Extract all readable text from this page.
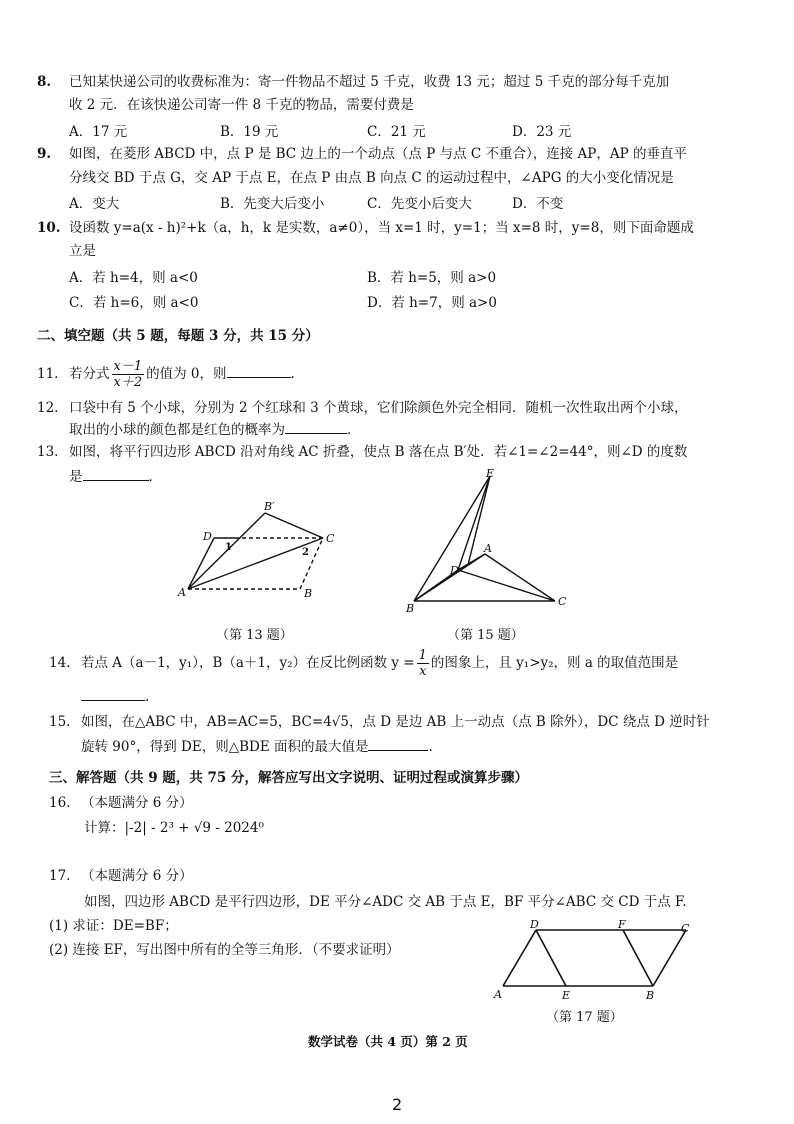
8. 已知某快递公司的收费标准为：寄一件物品不超过 5 千克，收费 13 元；超过 5 千克的部分每千克加
收 2 元．在该快递公司寄一件 8 千克的物品，需要付费是
A．17 元	B．19 元	C．21 元	D．23 元
9. 如图，在菱形 ABCD 中，点 P 是 BC 边上的一个动点（点 P 与点 C 不重合），连接 AP，AP 的垂直平
分线交 BD 于点 G，交 AP 于点 E，在点 P 由点 B 向点 C 的运动过程中，∠APG 的大小变化情况是
A．变大	B．先变大后变小	C．先变小后变大	D．不变
10. 设函数 y=a(x - h)²+k（a，h，k 是实数，a≠0），当 x=1 时，y=1；当 x=8 时，y=8，则下面命题成
立是
A．若 h=4，则 a<0	B．若 h=5，则 a>0
C．若 h=6，则 a<0	D．若 h=7，则 a>0
二、填空题（共 5 题，每题 3 分，共 15 分）
11. 若分式 $\frac{x-1}{x+2}$ 的值为 0，则	.
12. 口袋中有 5 个小球，分别为 2 个红球和 3 个黄球，它们除颜色外完全相同．随机一次性取出两个小球，
取出的小球的颜色都是红色的概率为	．
13. 如图，将平行四边形 ABCD 沿对角线 AC 折叠，使点 B 落在点 B′处．若∠1=∠2=44°，则∠D 的度数
是	．
D
B′
C
A	B
1	2
（第 13 题）
E
A
D
B
C
（第 15 题）
14. 若点 A（a－1，y₁），B（a＋1，y₂）在反比例函数 $y = \frac{1}{x}$ 的图象上，且 y₁>y₂，则 a 的取值范围是
.
15. 如图，在△ABC 中，AB=AC=5，BC=4√5，点 D 是边 AB 上一动点（点 B 除外），DC 绕点 D 逆时针
旋转 90°，得到 DE，则△BDE 面积的最大值是	.
三、解答题（共 9 题，共 75 分，解答应写出文字说明、证明过程或演算步骤）
16. （本题满分 6 分）
计算：|-2| - 2³ + √9 - 2024⁰
17. （本题满分 6 分）
如图，四边形 ABCD 是平行四边形，DE 平分∠ADC 交 AB 于点 E，BF 平分∠ABC 交 CD 于点 F.
(1) 求证：DE=BF；
(2) 连接 EF，写出图中所有的全等三角形．（不要求证明）
D	F	C
A	E	B
（第 17 题）
数学试卷（共 4 页）第 2 页
2
